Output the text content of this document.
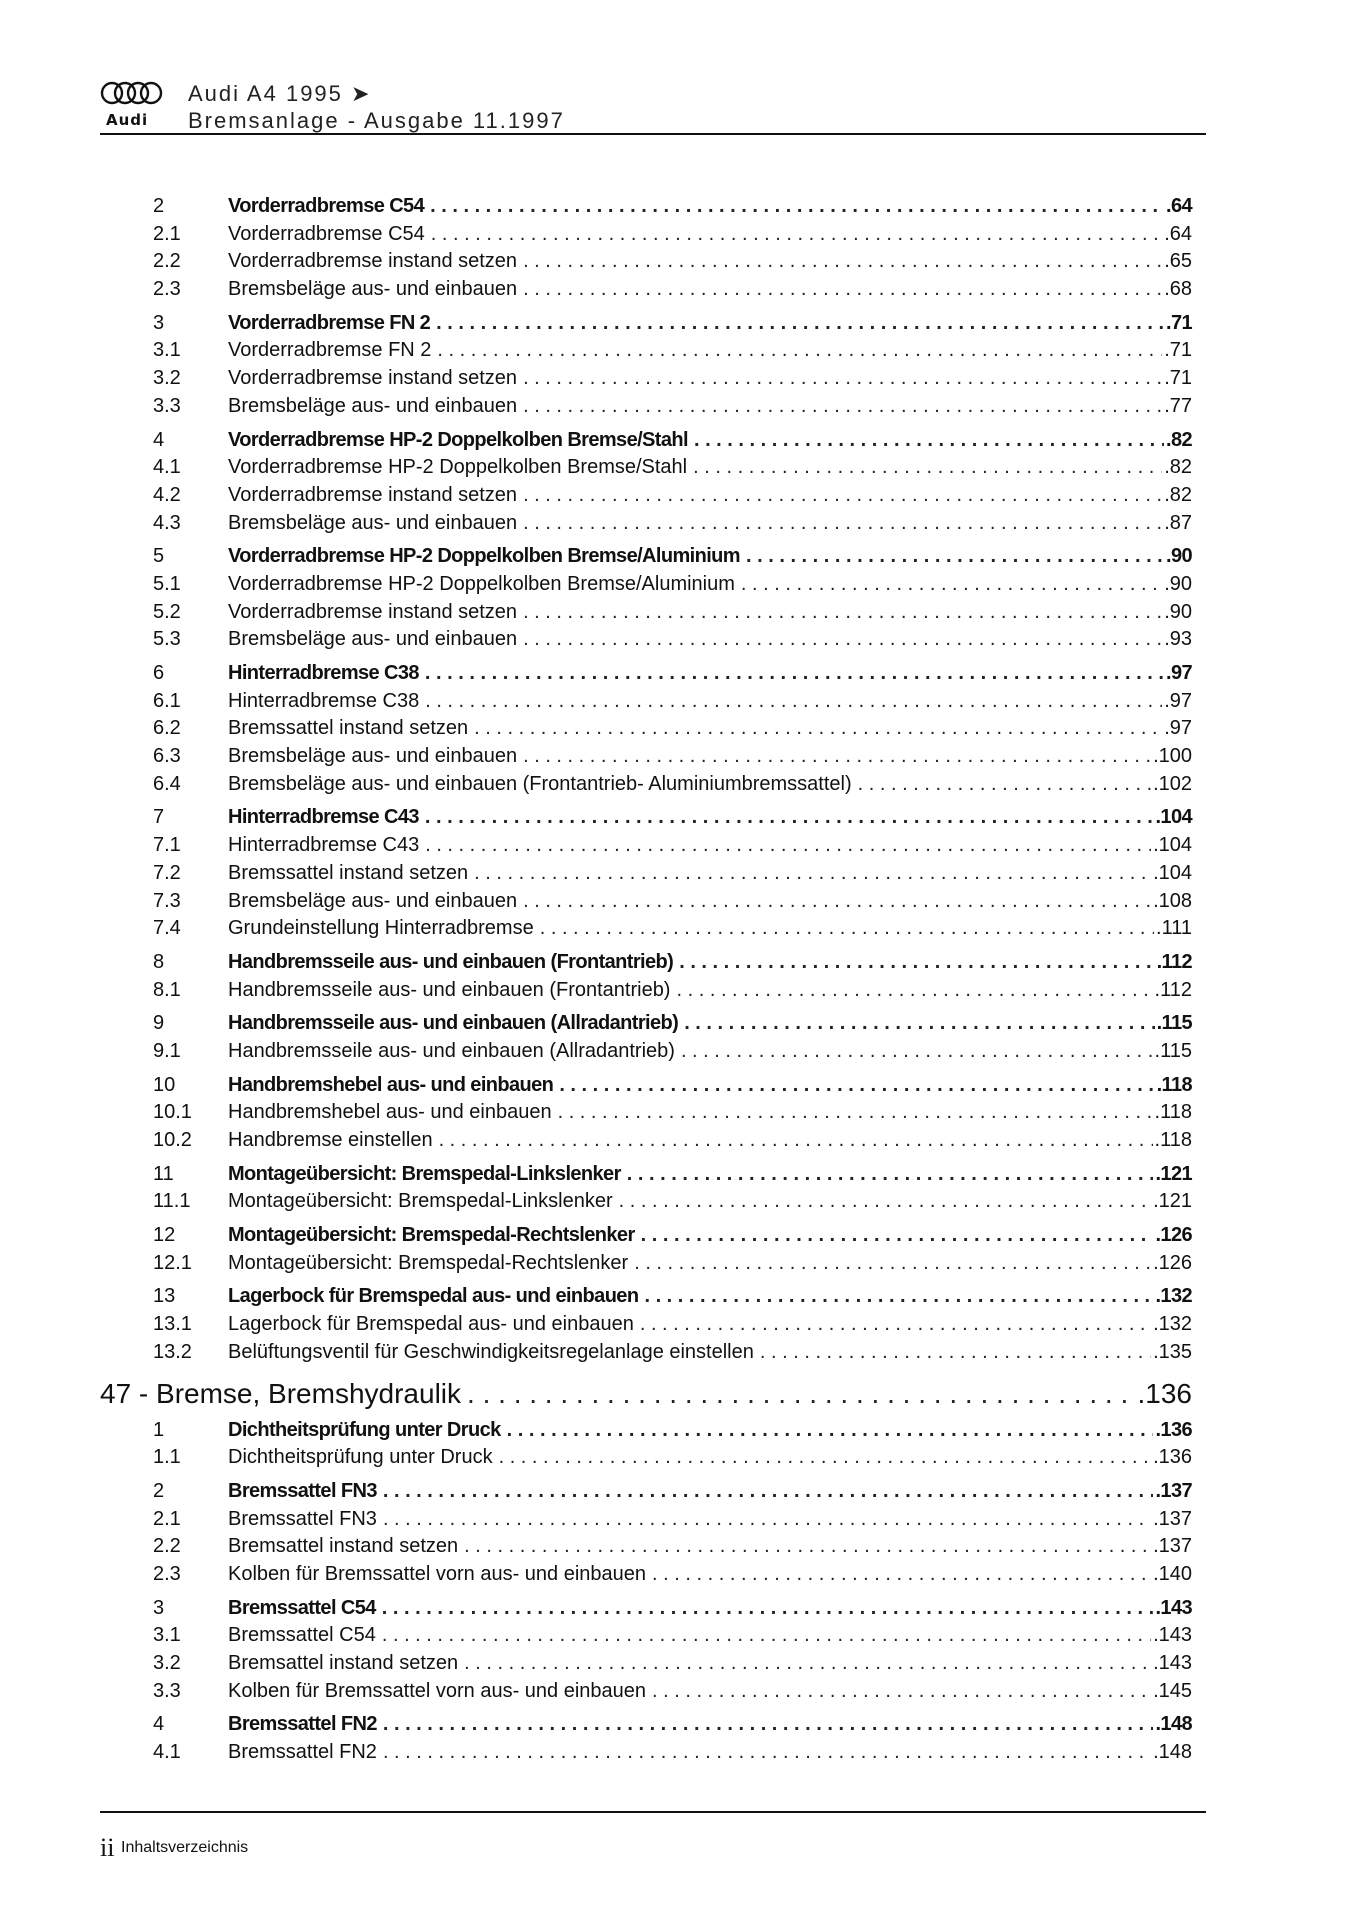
Audi
Audi A4 1995 ➤
Bremsanlage - Ausgabe 11.1997
2	Vorderradbremse C54 . . .	.64
2.1	Vorderradbremse C54 . . .	.64
2.2	Vorderradbremse instand setzen . . .	.65
2.3	Bremsbeläge aus- und einbauen . . .	.68
3	Vorderradbremse FN 2 . . .	.71
3.1	Vorderradbremse FN 2 . . .	.71
3.2	Vorderradbremse instand setzen . . .	.71
3.3	Bremsbeläge aus- und einbauen . . .	.77
4	Vorderradbremse HP-2 Doppelkolben Bremse/Stahl . . .	.82
4.1	Vorderradbremse HP-2 Doppelkolben Bremse/Stahl . . .	.82
4.2	Vorderradbremse instand setzen . . .	.82
4.3	Bremsbeläge aus- und einbauen . . .	.87
5	Vorderradbremse HP-2 Doppelkolben Bremse/Aluminium . . .	.90
5.1	Vorderradbremse HP-2 Doppelkolben Bremse/Aluminium . . .	.90
5.2	Vorderradbremse instand setzen . . .	.90
5.3	Bremsbeläge aus- und einbauen . . .	.93
6	Hinterradbremse C38 . . .	.97
6.1	Hinterradbremse C38 . . .	.97
6.2	Bremssattel instand setzen . . .	.97
6.3	Bremsbeläge aus- und einbauen . . .	.100
6.4	Bremsbeläge aus- und einbauen (Frontantrieb- Aluminiumbremssattel) . . .	.102
7	Hinterradbremse C43 . . .	.104
7.1	Hinterradbremse C43 . . .	.104
7.2	Bremssattel instand setzen . . .	.104
7.3	Bremsbeläge aus- und einbauen . . .	.108
7.4	Grundeinstellung Hinterradbremse . . .	.111
8	Handbremsseile aus- und einbauen (Frontantrieb) . . .	.112
8.1	Handbremsseile aus- und einbauen (Frontantrieb) . . .	.112
9	Handbremsseile aus- und einbauen (Allradantrieb) . . .	.115
9.1	Handbremsseile aus- und einbauen (Allradantrieb) . . .	.115
10	Handbremshebel aus- und einbauen . . .	.118
10.1	Handbremshebel aus- und einbauen . . .	.118
10.2	Handbremse einstellen . . .	.118
11	Montageübersicht: Bremspedal-Linkslenker . . .	.121
11.1	Montageübersicht: Bremspedal-Linkslenker . . .	.121
12	Montageübersicht: Bremspedal-Rechtslenker . . .	.126
12.1	Montageübersicht: Bremspedal-Rechtslenker . . .	.126
13	Lagerbock für Bremspedal aus- und einbauen . . .	.132
13.1	Lagerbock für Bremspedal aus- und einbauen . . .	.132
13.2	Belüftungsventil für Geschwindigkeitsregelanlage einstellen . . .	.135
47 - Bremse, Bremshydraulik . . .	.136
1	Dichtheitsprüfung unter Druck . . .	.136
1.1	Dichtheitsprüfung unter Druck . . .	.136
2	Bremssattel FN3 . . .	.137
2.1	Bremssattel FN3 . . .	.137
2.2	Bremsattel instand setzen . . .	.137
2.3	Kolben für Bremssattel vorn aus- und einbauen . . .	.140
3	Bremssattel C54 . . .	.143
3.1	Bremssattel C54 . . .	.143
3.2	Bremsattel instand setzen . . .	.143
3.3	Kolben für Bremssattel vorn aus- und einbauen . . .	.145
4	Bremssattel FN2 . . .	.148
4.1	Bremssattel FN2 . . .	.148
ii Inhaltsverzeichnis
